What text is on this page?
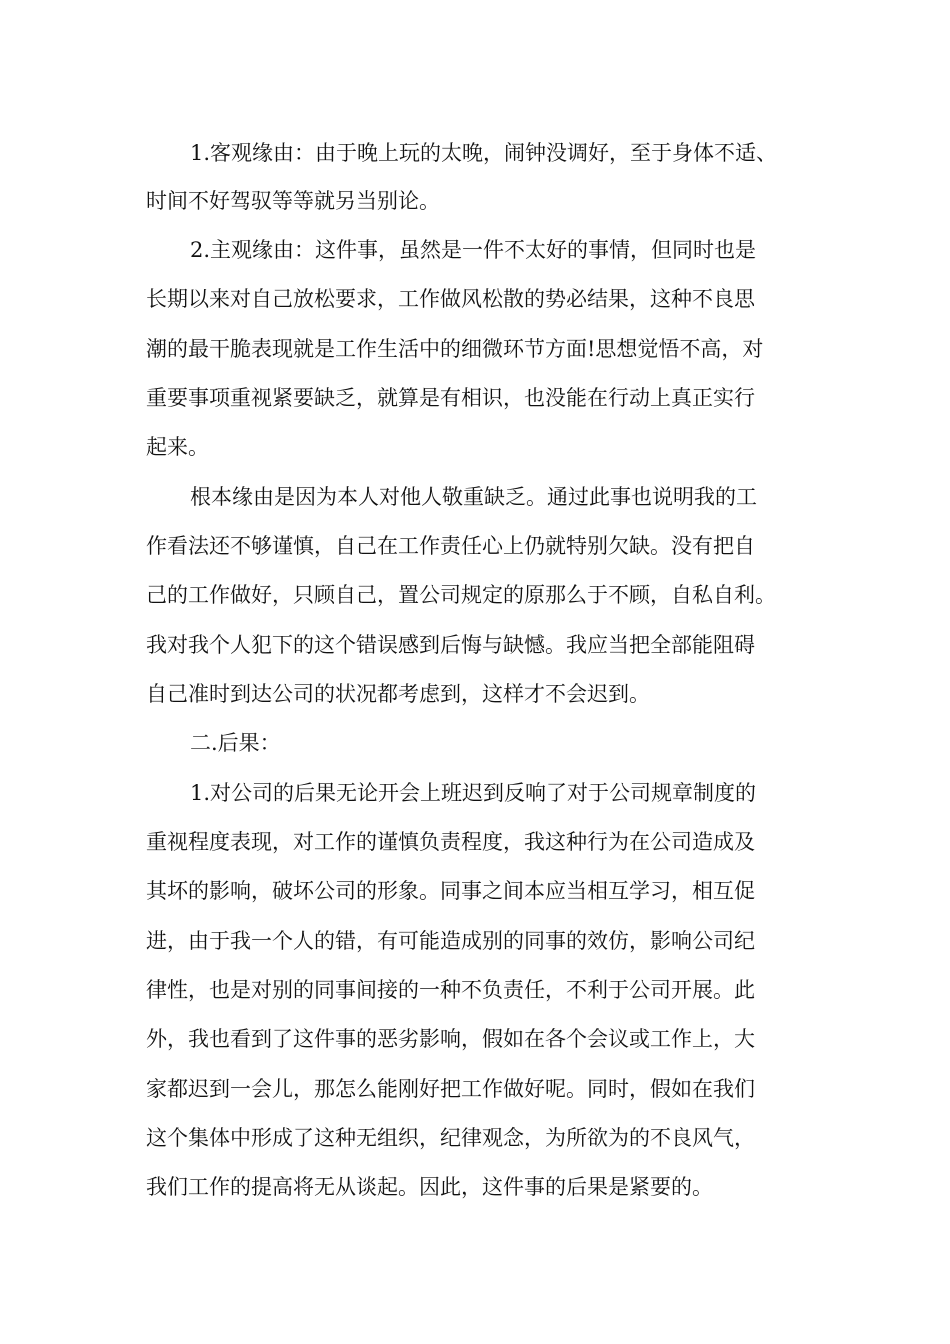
1.客观缘由：由于晚上玩的太晚，闹钟没调好，至于身体不适、

时间不好驾驭等等就另当别论。

2.主观缘由：这件事，虽然是一件不太好的事情，但同时也是

长期以来对自己放松要求，工作做风松散的势必结果，这种不良思

潮的最干脆表现就是工作生活中的细微环节方面!思想觉悟不高，对

重要事项重视紧要缺乏，就算是有相识，也没能在行动上真正实行

起来。

根本缘由是因为本人对他人敬重缺乏。通过此事也说明我的工

作看法还不够谨慎，自己在工作责任心上仍就特别欠缺。没有把自

己的工作做好，只顾自己，置公司规定的原那么于不顾，自私自利。

我对我个人犯下的这个错误感到后悔与缺憾。我应当把全部能阻碍

自己准时到达公司的状况都考虑到，这样才不会迟到。

二.后果：

1.对公司的后果无论开会上班迟到反响了对于公司规章制度的

重视程度表现，对工作的谨慎负责程度，我这种行为在公司造成及

其坏的影响，破坏公司的形象。同事之间本应当相互学习，相互促

进，由于我一个人的错，有可能造成别的同事的效仿，影响公司纪

律性，也是对别的同事间接的一种不负责任，不利于公司开展。此

外，我也看到了这件事的恶劣影响，假如在各个会议或工作上，大

家都迟到一会儿，那怎么能刚好把工作做好呢。同时，假如在我们

这个集体中形成了这种无组织，纪律观念，为所欲为的不良风气，

我们工作的提高将无从谈起。因此，这件事的后果是紧要的。
